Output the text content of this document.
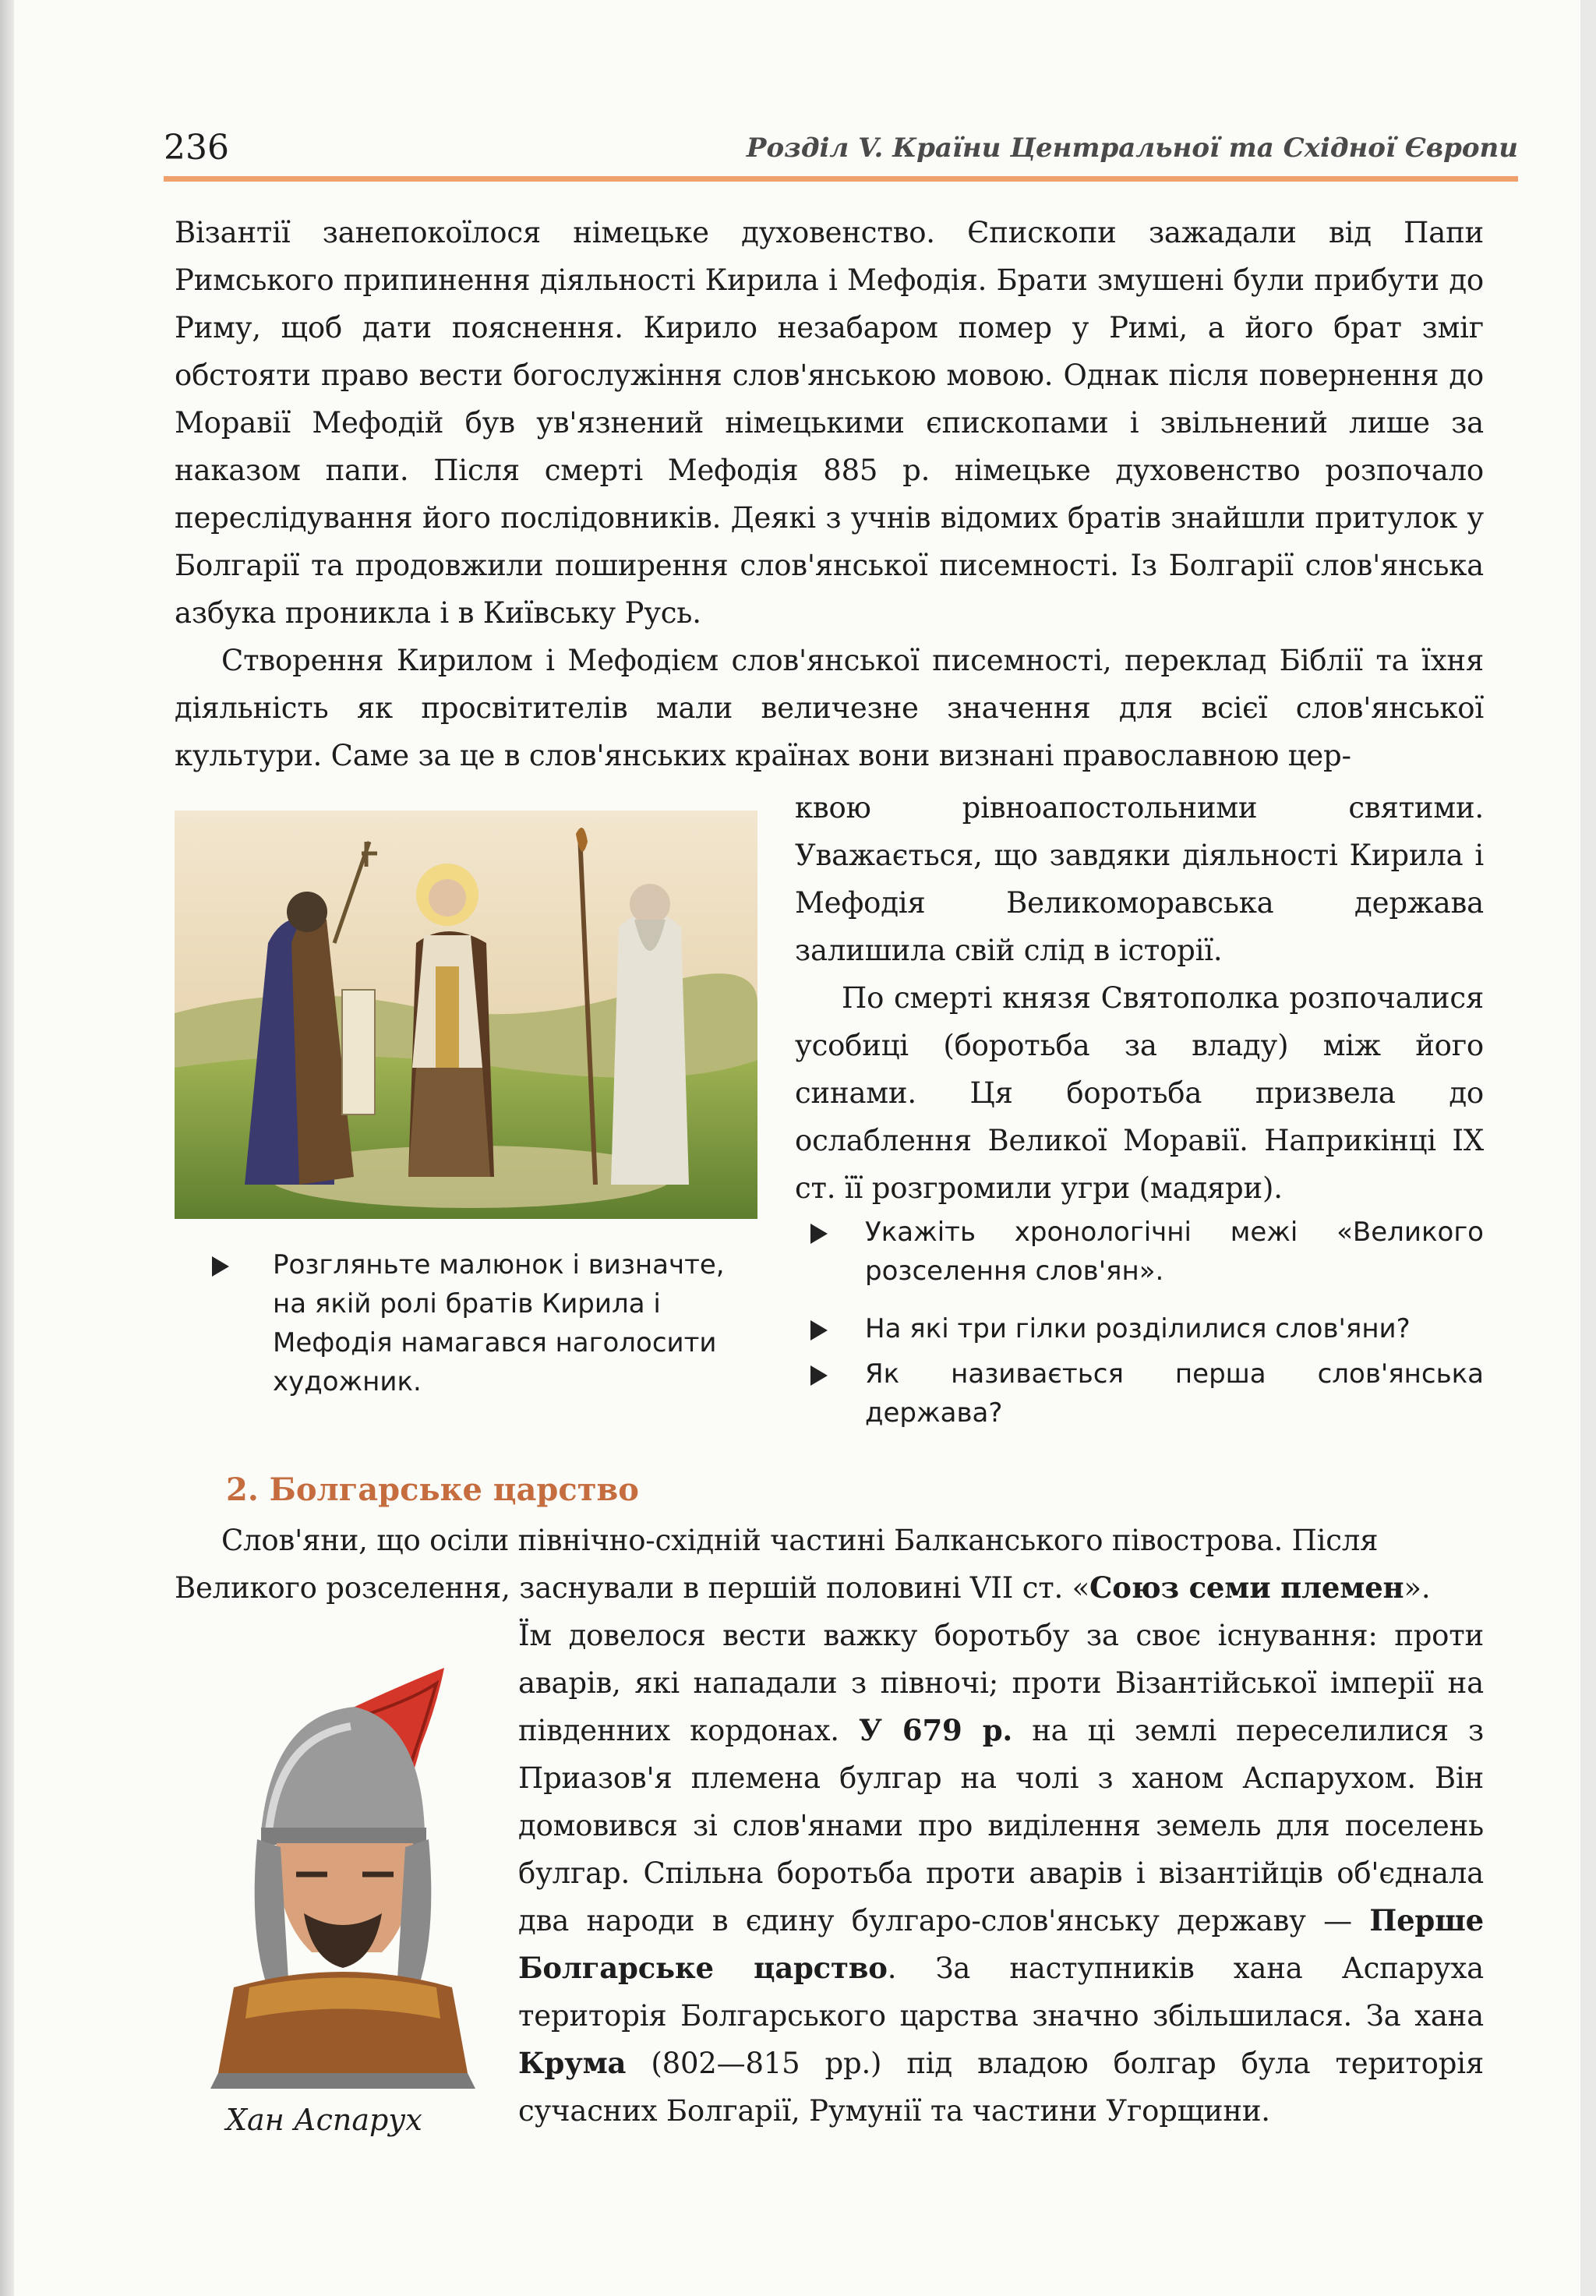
236	Розділ V. Країни Центральної та Східної Європи

Візантії занепокоїлося німецьке духовенство. Єпископи зажадали від Папи Римського припинення діяльності Кирила і Мефодія. Брати змушені були прибути до Риму, щоб дати пояснення. Кирило незабаром помер у Римі, а його брат зміг обстояти право вести богослужіння слов'янською мовою. Однак після повернення до Моравії Мефодій був ув'язнений німецькими єпископами і звільнений лише за наказом папи. Після смерті Мефодія 885 р. німецьке духовенство розпочало переслідування його послідовників. Деякі з учнів відомих братів знайшли притулок у Болгарії та продовжили поширення слов'янської писемності. Із Болгарії слов'янська азбука проникла і в Київську Русь.

Створення Кирилом і Мефодієм слов'янської писемності, переклад Біблії та їхня діяльність як просвітителів мали величезне значення для всієї слов'янської культури. Саме за це в слов'янських країнах вони визнані православною цер-

квою рівноапостольними святими. Уважається, що завдяки діяльності Кирила і Мефодія Великоморавська держава залишила свій слід в історії.

По смерті князя Святополка розпочалися усобиці (боротьба за владу) між його синами. Ця боротьба призвела до ослаблення Великої Моравії. Наприкінці IX ст. її розгромили угри (мадяри).

Розгляньте малюнок і визначте, на якій ролі братів Кирила і Мефодія намагався наголосити художник.
Укажіть хронологічні межі «Великого розселення слов'ян».
На які три гілки розділилися слов'яни?
Як називається перша слов'янська держава?
2. Болгарське царство

Слов'яни, що осіли північно-східній частині Балканського півострова. Після

Великого розселення, заснували в першій половині VII ст. «Союз семи племен».

Хан Аспарух

Їм довелося вести важку боротьбу за своє існування: проти аварів, які нападали з півночі; проти Візантійської імперії на південних кордонах. У 679 р. на ці землі переселилися з Приазов'я племена булгар на чолі з ханом Аспарухом. Він домовився зі слов'янами про виділення земель для поселень булгар. Спільна боротьба проти аварів і візантійців об'єднала два народи в єдину булгаро-слов'янську державу — Перше Болгарське царство. За наступників хана Аспаруха територія Болгарського царства значно збільшилася. За хана Крума (802—815 рр.) під владою болгар була територія сучасних Болгарії, Румунії та частини Угорщини.
